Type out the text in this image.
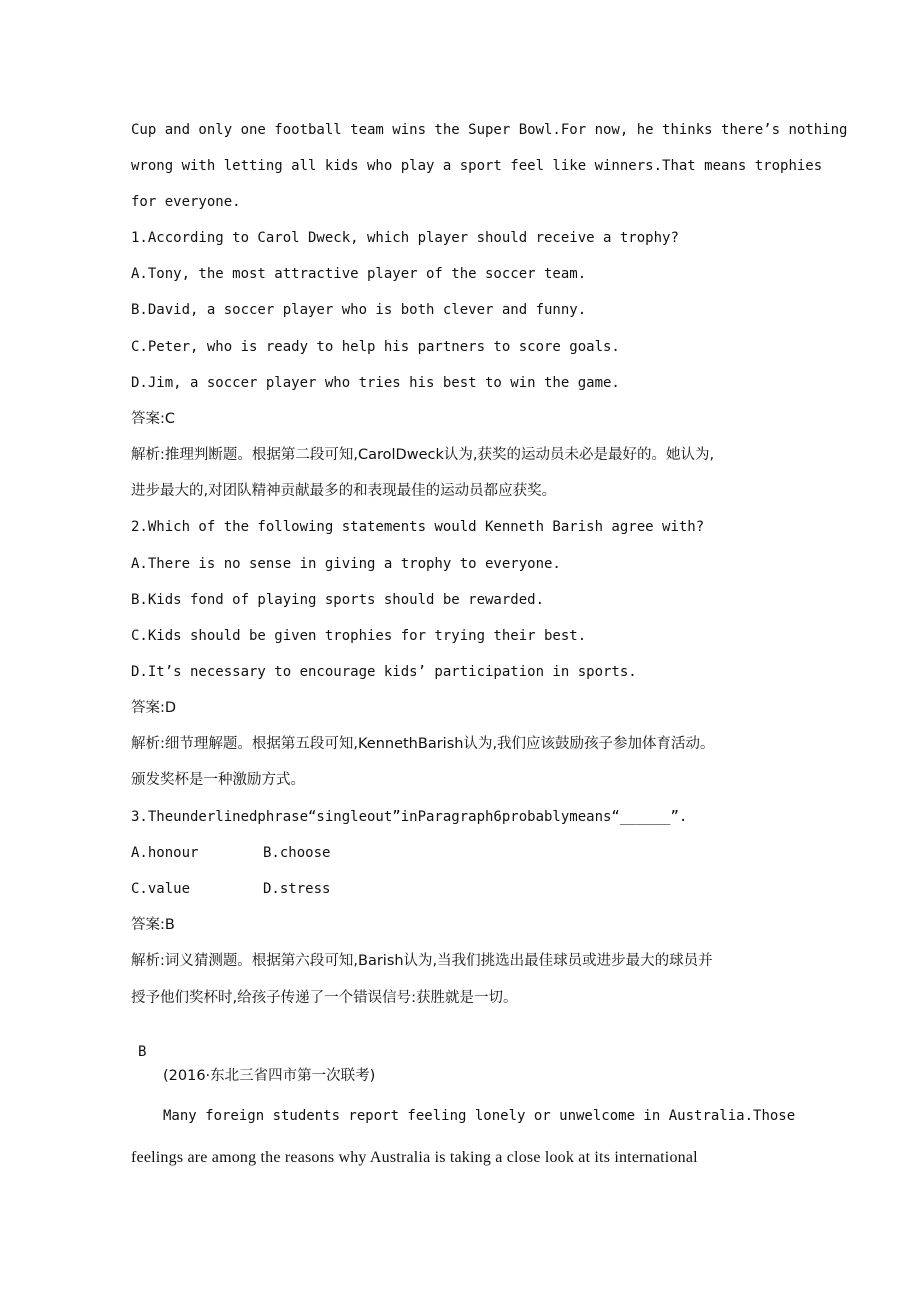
Cup and only one football team wins the Super Bowl.For now, he thinks there’s nothing
wrong with letting all kids who play a sport feel like winners.That means trophies
for everyone.
1.According to Carol Dweck, which player should receive a trophy?
A.Tony, the most attractive player of the soccer team.
B.David, a soccer player who is both clever and funny.
C.Peter, who is ready to help his partners to score goals.
D.Jim, a soccer player who tries his best to win the game.
答案:C
解析:推理判断题。根据第二段可知,CarolDweck认为,获奖的运动员未必是最好的。她认为,
进步最大的,对团队精神贡献最多的和表现最佳的运动员都应获奖。
2.Which of the following statements would Kenneth Barish agree with?
A.There is no sense in giving a trophy to everyone.
B.Kids fond of playing sports should be rewarded.
C.Kids should be given trophies for trying their best.
D.It’s necessary to encourage kids’ participation in sports.
答案:D
解析:细节理解题。根据第五段可知,KennethBarish认为,我们应该鼓励孩子参加体育活动。
颁发奖杯是一种激励方式。
3.Theunderlinedphrase“singleout”inParagraph6probablymeans“______”.
A.honour	B.choose
C.value	D.stress
答案:B
解析:词义猜测题。根据第六段可知,Barish认为,当我们挑选出最佳球员或进步最大的球员并
授予他们奖杯时,给孩子传递了一个错误信号:获胜就是一切。
B
(2016·东北三省四市第一次联考)
Many foreign students report feeling lonely or unwelcome in Australia.Those
feelings are among the reasons why Australia is taking a close look at its international
